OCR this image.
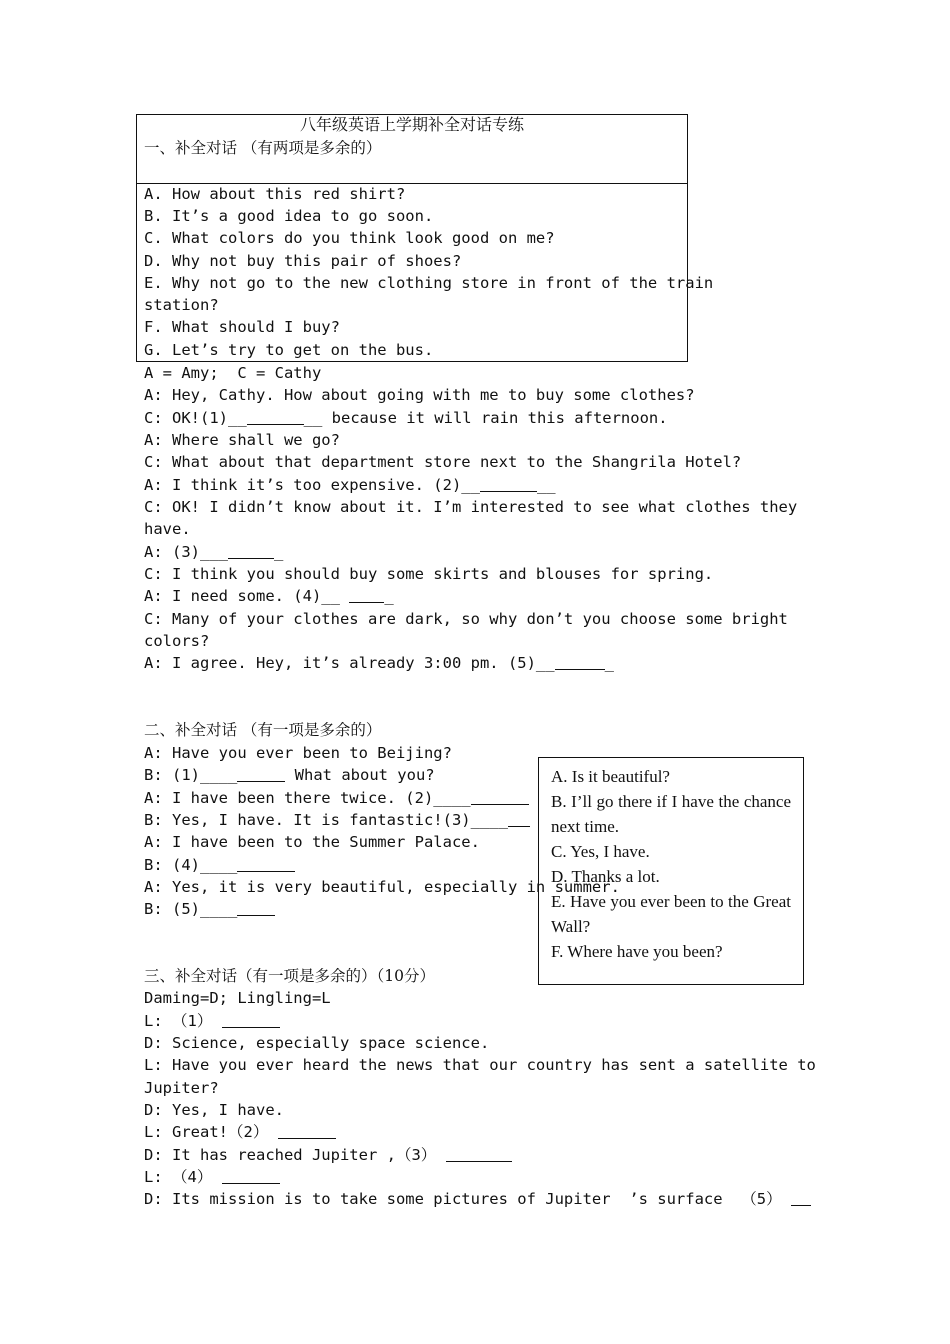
八年级英语上学期补全对话专练
一、补全对话 （有两项是多余的）
A. How about this red shirt?
B. It’s a good idea to go soon.
C. What colors do you think look good on me?
D. Why not buy this pair of shoes?
E. Why not go to the new clothing store in front of the train
station?
F. What should I buy?
G. Let’s try to get on the bus.
A = Amy;  C = Cathy
A: Hey, Cathy. How about going with me to buy some clothes?
C: OK!(1)__	__ because it will rain this afternoon.
A: Where shall we go?
C: What about that department store next to the Shangrila Hotel?
A: I think it’s too expensive. (2)__	__
C: OK! I didn’t know about it. I’m interested to see what clothes they
have.
A: (3)___	_
C: I think you should buy some skirts and blouses for spring.
A: I need some. (4)__ _
C: Many of your clothes are dark, so why don’t you choose some bright
colors?
A: I agree. Hey, it’s already 3:00 pm. (5)__	_
二、补全对话 （有一项是多余的）
A: Have you ever been to Beijing?
B: (1)____	What about you?
A: I have been there twice. (2)____
B: Yes, I have. It is fantastic!(3)____
A: I have been to the Summer Palace.
B: (4)____
A: Yes, it is very beautiful, especially in summer.
B: (5)____
A. Is it beautiful?
B. I’ll go there if I have the chance next time.
C. Yes, I have.
D. Thanks a lot.
E. Have you ever been to the Great Wall?
F. Where have you been?
三、补全对话（有一项是多余的）（10分）
Daming=D; Lingling=L
L: （1）
D: Science, especially space science.
L: Have you ever heard the news that our country has sent a satellite to
Jupiter?
D: Yes, I have.
L: Great!（2）
D: It has reached Jupiter ,（3）
L: （4）
D: Its mission is to take some pictures of Jupiter  ’s surface  （5）
